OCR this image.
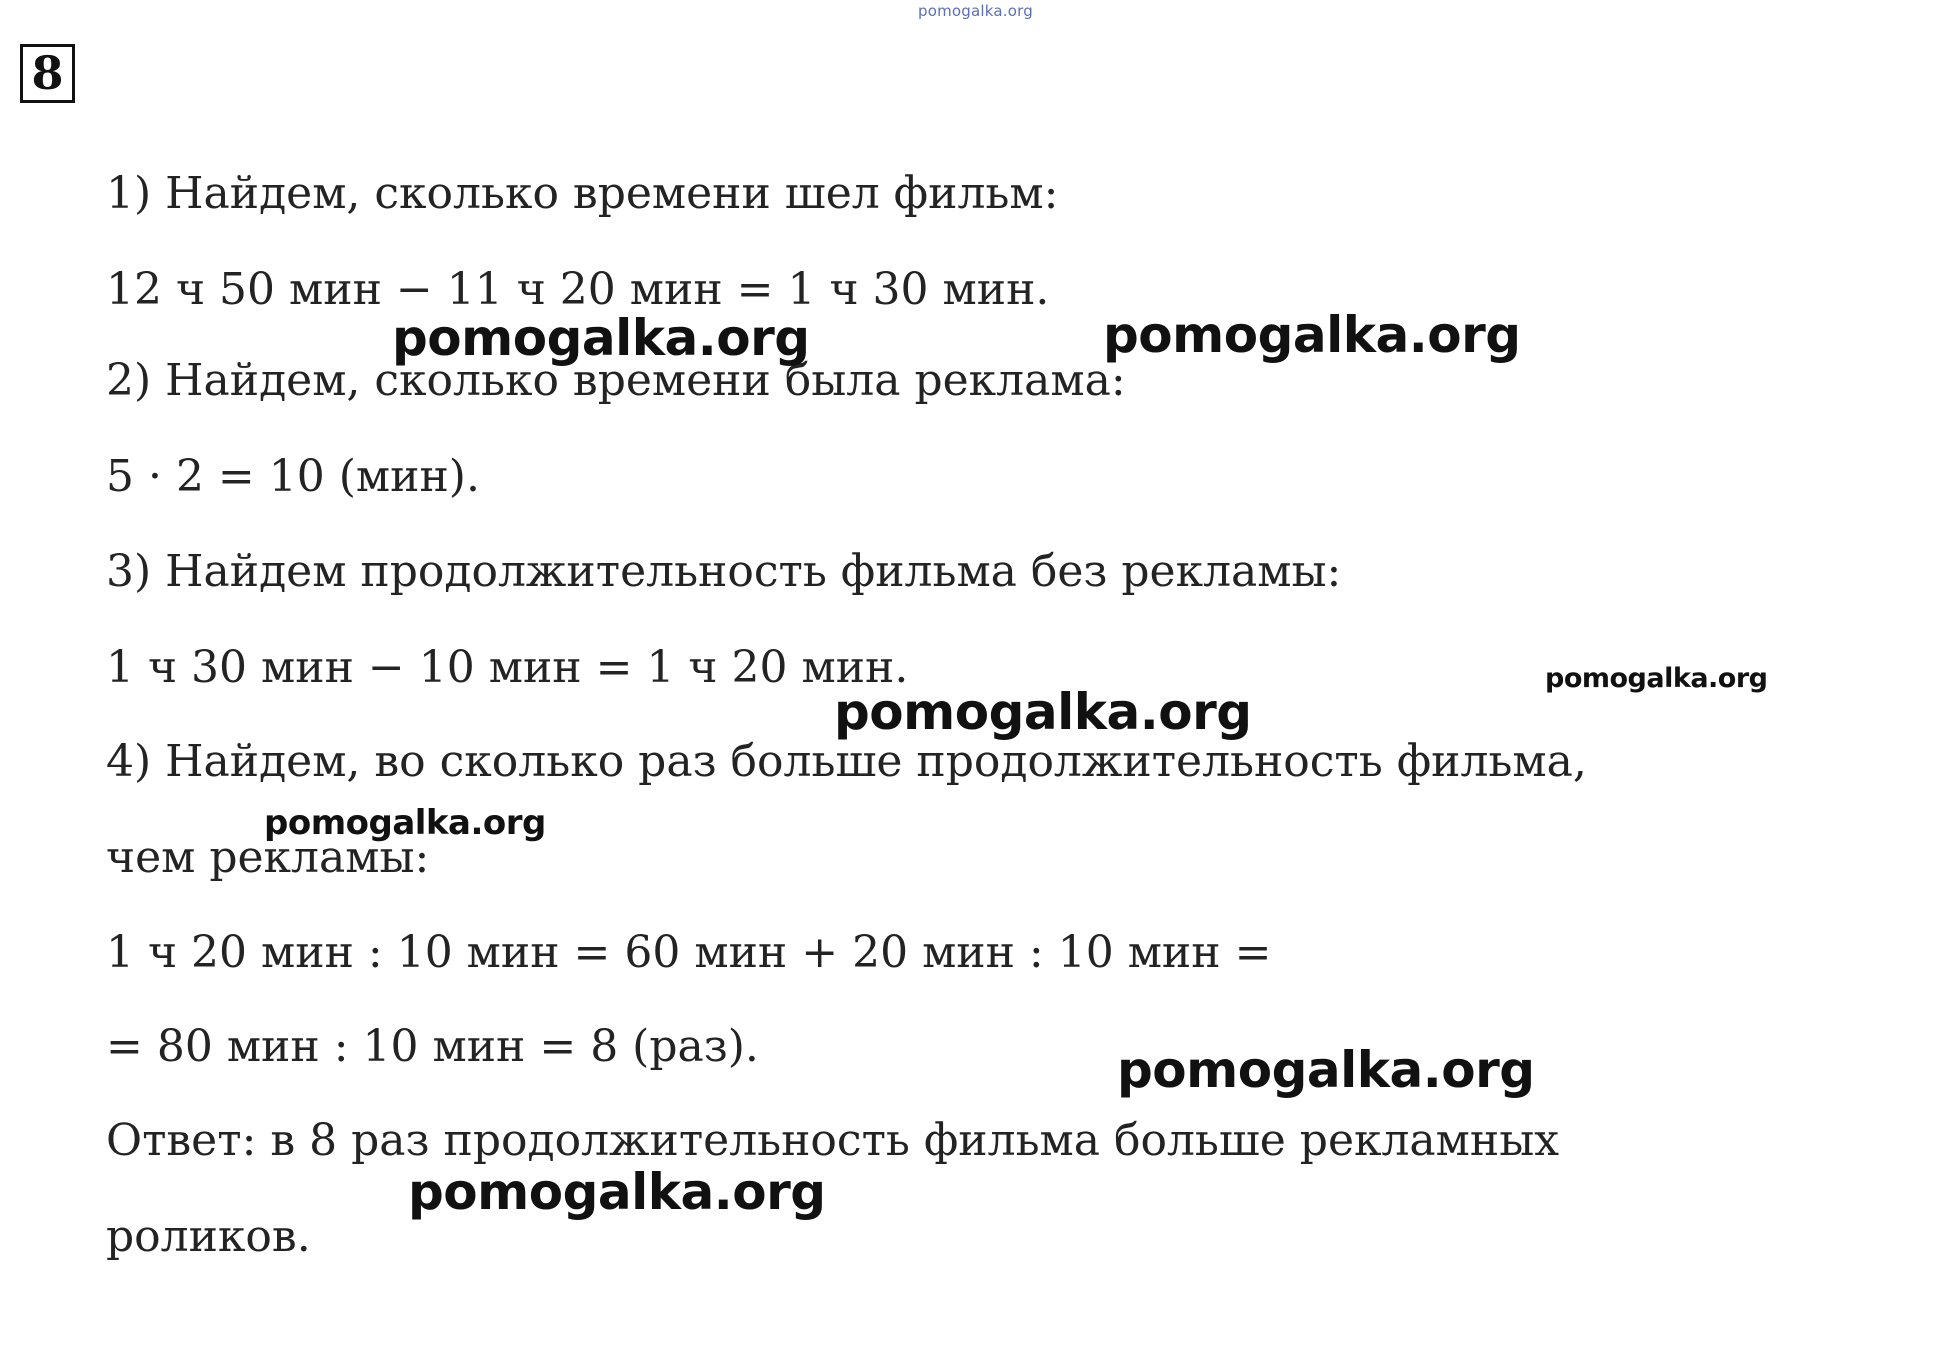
pomogalka.org
8
1) Найдем, сколько времени шел фильм:
12 ч 50 мин − 11 ч 20 мин = 1 ч 30 мин.
2) Найдем, сколько времени была реклама:
5 · 2 = 10 (мин).
3) Найдем продолжительность фильма без рекламы:
1 ч 30 мин − 10 мин = 1 ч 20 мин.
4) Найдем, во сколько раз больше продолжительность фильма,
чем рекламы:
1 ч 20 мин : 10 мин = 60 мин + 20 мин : 10 мин =
= 80 мин : 10 мин = 8 (раз).
Ответ: в 8 раз продолжительность фильма больше рекламных
роликов.
pomogalka.org	pomogalka.org
pomogalka.org
pomogalka.org
pomogalka.org
pomogalka.org
pomogalka.org
